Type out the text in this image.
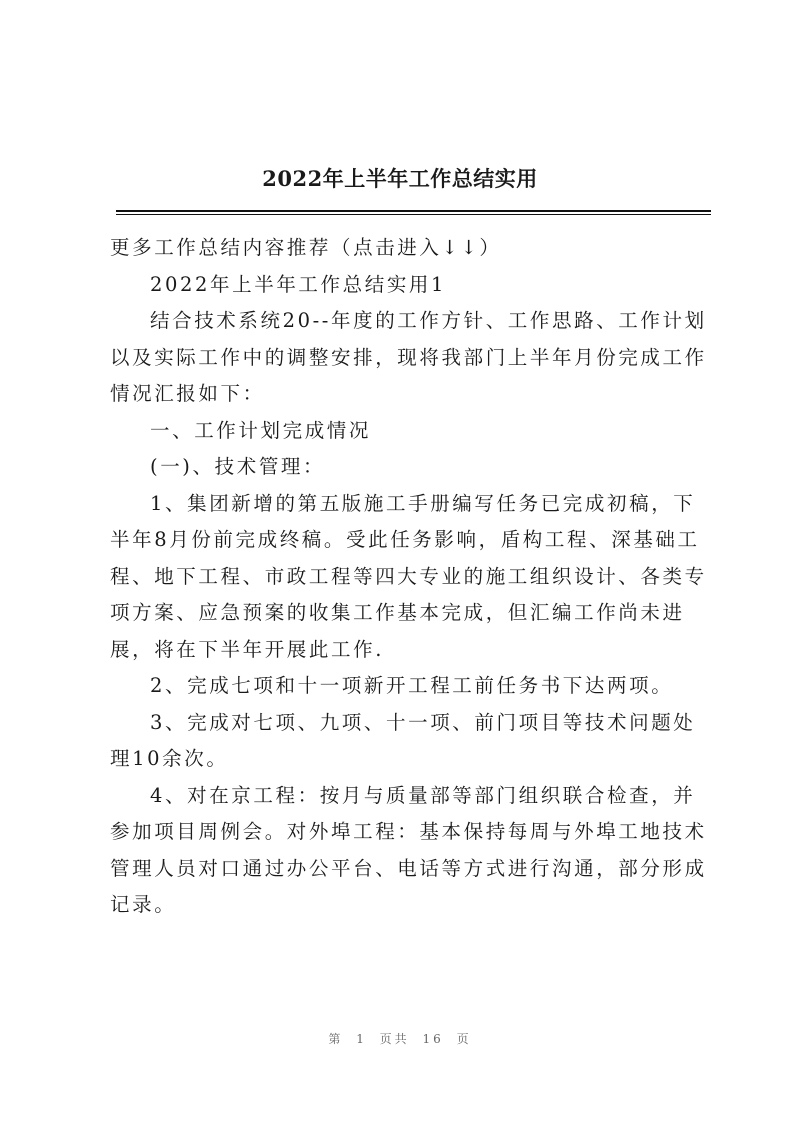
2022年上半年工作总结实用

更多工作总结内容推荐（点击进入↓↓）

2022年上半年工作总结实用1

结合技术系统20--年度的工作方针、工作思路、工作计划以及实际工作中的调整安排，现将我部门上半年月份完成工作情况汇报如下：

一、工作计划完成情况

(一)、技术管理：

1、集团新增的第五版施工手册编写任务已完成初稿，下半年8月份前完成终稿。受此任务影响，盾构工程、深基础工程、地下工程、市政工程等四大专业的施工组织设计、各类专项方案、应急预案的收集工作基本完成，但汇编工作尚未进展，将在下半年开展此工作.

2、完成七项和十一项新开工程工前任务书下达两项。

3、完成对七项、九项、十一项、前门项目等技术问题处理10余次。

4、对在京工程：按月与质量部等部门组织联合检查，并参加项目周例会。对外埠工程：基本保持每周与外埠工地技术管理人员对口通过办公平台、电话等方式进行沟通，部分形成记录。

第 1 页共 16 页
